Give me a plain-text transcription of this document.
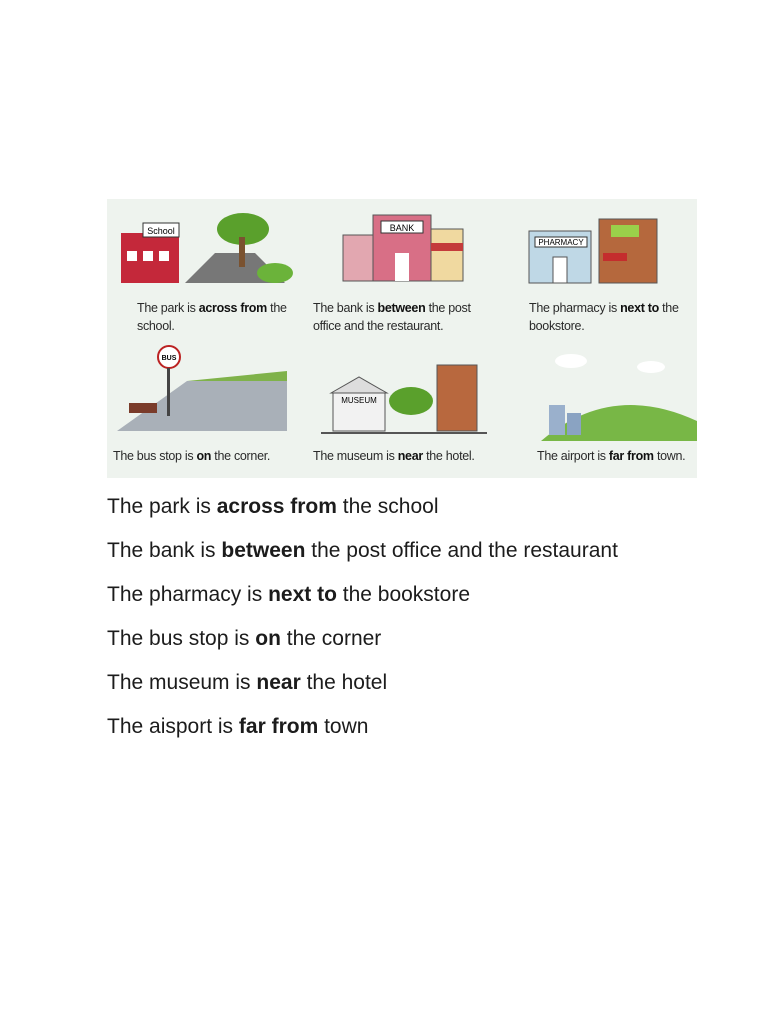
School
The park is across from the school.
BANK
The bank is between the post office and the restaurant.
PHARMACY
The pharmacy is next to the bookstore.
BUS
The bus stop is on the corner.
MUSEUM
The museum is near the hotel.	The airport is far from town.
The park is across from the school
The bank is between the post office and the restaurant
The pharmacy is next to the bookstore
The bus stop is on the corner
The museum is near the hotel
The aisport is far from town
